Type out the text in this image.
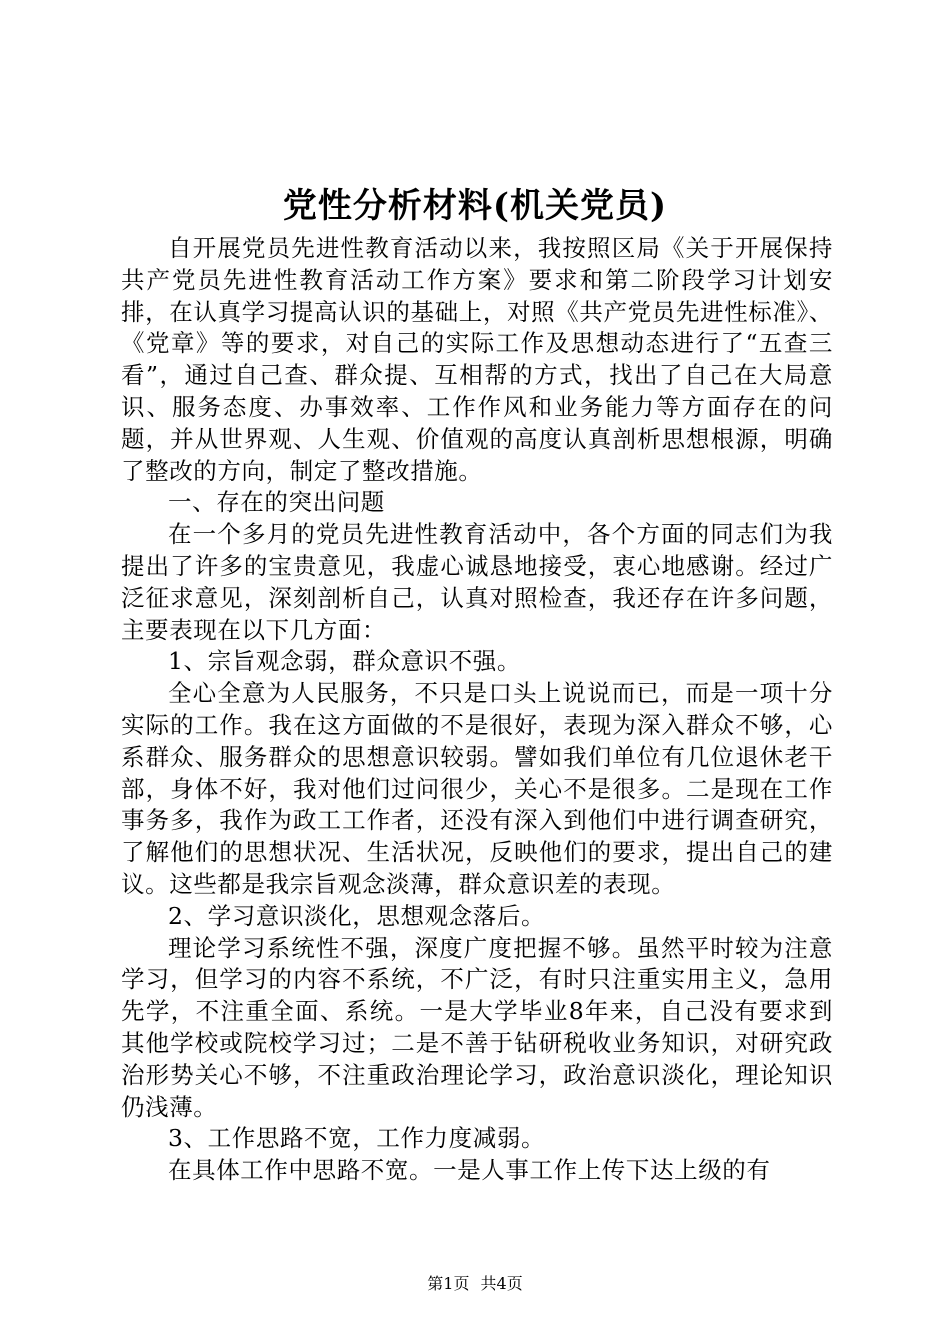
党性分析材料(机关党员)

自开展党员先进性教育活动以来，我按照区局《关于开展保持共产党员先进性教育活动工作方案》要求和第二阶段学习计划安排，在认真学习提高认识的基础上，对照《共产党员先进性标准》、《党章》等的要求，对自己的实际工作及思想动态进行了“五查三看”，通过自己查、群众提、互相帮的方式，找出了自己在大局意识、服务态度、办事效率、工作作风和业务能力等方面存在的问题，并从世界观、人生观、价值观的高度认真剖析思想根源，明确了整改的方向，制定了整改措施。

一、存在的突出问题

在一个多月的党员先进性教育活动中，各个方面的同志们为我提出了许多的宝贵意见，我虚心诚恳地接受，衷心地感谢。经过广泛征求意见，深刻剖析自己，认真对照检查，我还存在许多问题，主要表现在以下几方面：

1、宗旨观念弱，群众意识不强。

全心全意为人民服务，不只是口头上说说而已，而是一项十分实际的工作。我在这方面做的不是很好，表现为深入群众不够，心系群众、服务群众的思想意识较弱。譬如我们单位有几位退休老干部，身体不好，我对他们过问很少，关心不是很多。二是现在工作事务多，我作为政工工作者，还没有深入到他们中进行调查研究，了解他们的思想状况、生活状况，反映他们的要求，提出自己的建议。这些都是我宗旨观念淡薄，群众意识差的表现。

2、学习意识淡化，思想观念落后。

理论学习系统性不强，深度广度把握不够。虽然平时较为注意学习，但学习的内容不系统，不广泛，有时只注重实用主义，急用先学，不注重全面、系统。一是大学毕业8年来，自己没有要求到其他学校或院校学习过；二是不善于钻研税收业务知识，对研究政治形势关心不够，不注重政治理论学习，政治意识淡化，理论知识仍浅薄。

3、工作思路不宽，工作力度减弱。

在具体工作中思路不宽。一是人事工作上传下达上级的有

第1页 共4页
